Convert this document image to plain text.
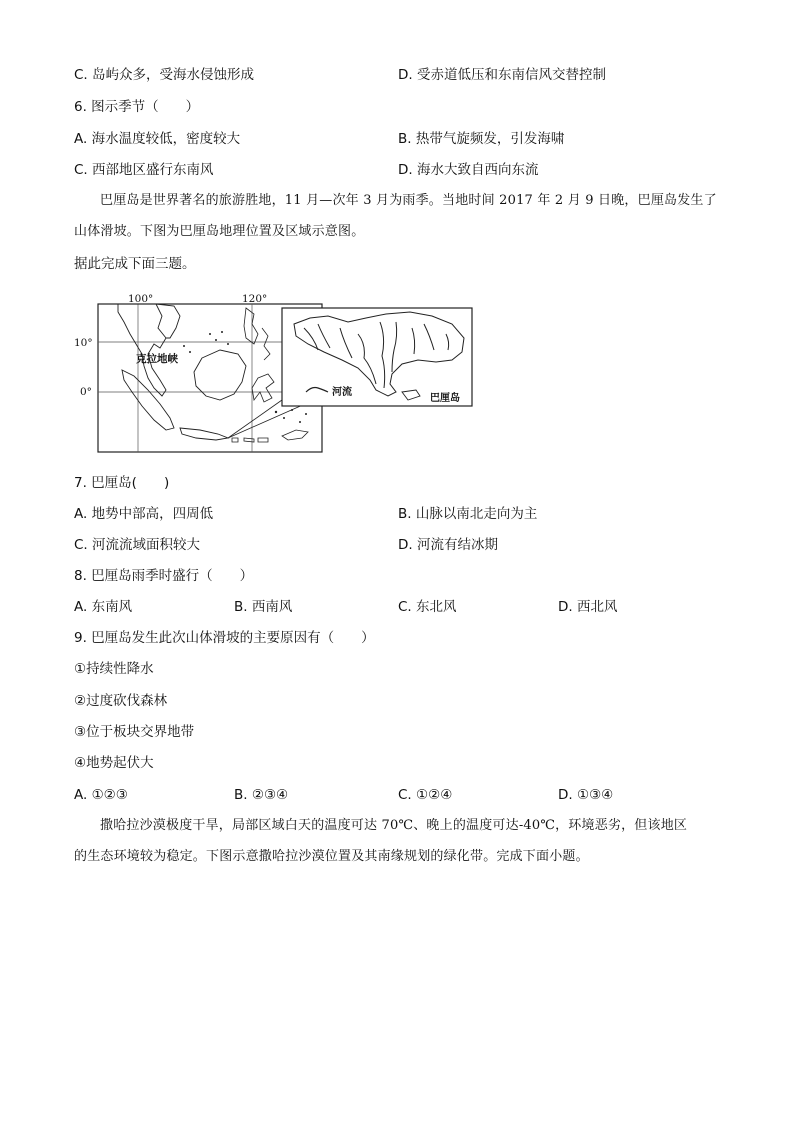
C. 岛屿众多，受海水侵蚀形成	D. 受赤道低压和东南信风交替控制
6. 图示季节（　　）
A. 海水温度较低，密度较大	B. 热带气旋频发，引发海啸
C. 西部地区盛行东南风	D. 海水大致自西向东流
巴厘岛是世界著名的旅游胜地，11 月—次年 3 月为雨季。当地时间 2017 年 2 月 9 日晚，巴厘岛发生了
山体滑坡。下图为巴厘岛地理位置及区域示意图。
据此完成下面三题。
100°	120°
10°
0°
克拉地峡
河流
巴厘岛
7. 巴厘岛(　　)
A. 地势中部高，四周低	B. 山脉以南北走向为主
C. 河流流域面积较大	D. 河流有结冰期
8. 巴厘岛雨季时盛行（　　）
A. 东南风	B. 西南风	C. 东北风	D. 西北风
9. 巴厘岛发生此次山体滑坡的主要原因有（　　）
①持续性降水
②过度砍伐森林
③位于板块交界地带
④地势起伏大
A. ①②③	B. ②③④	C. ①②④	D. ①③④
撒哈拉沙漠极度干旱，局部区域白天的温度可达 70℃、晚上的温度可达-40℃，环境恶劣，但该地区
的生态环境较为稳定。下图示意撒哈拉沙漠位置及其南缘规划的绿化带。完成下面小题。
